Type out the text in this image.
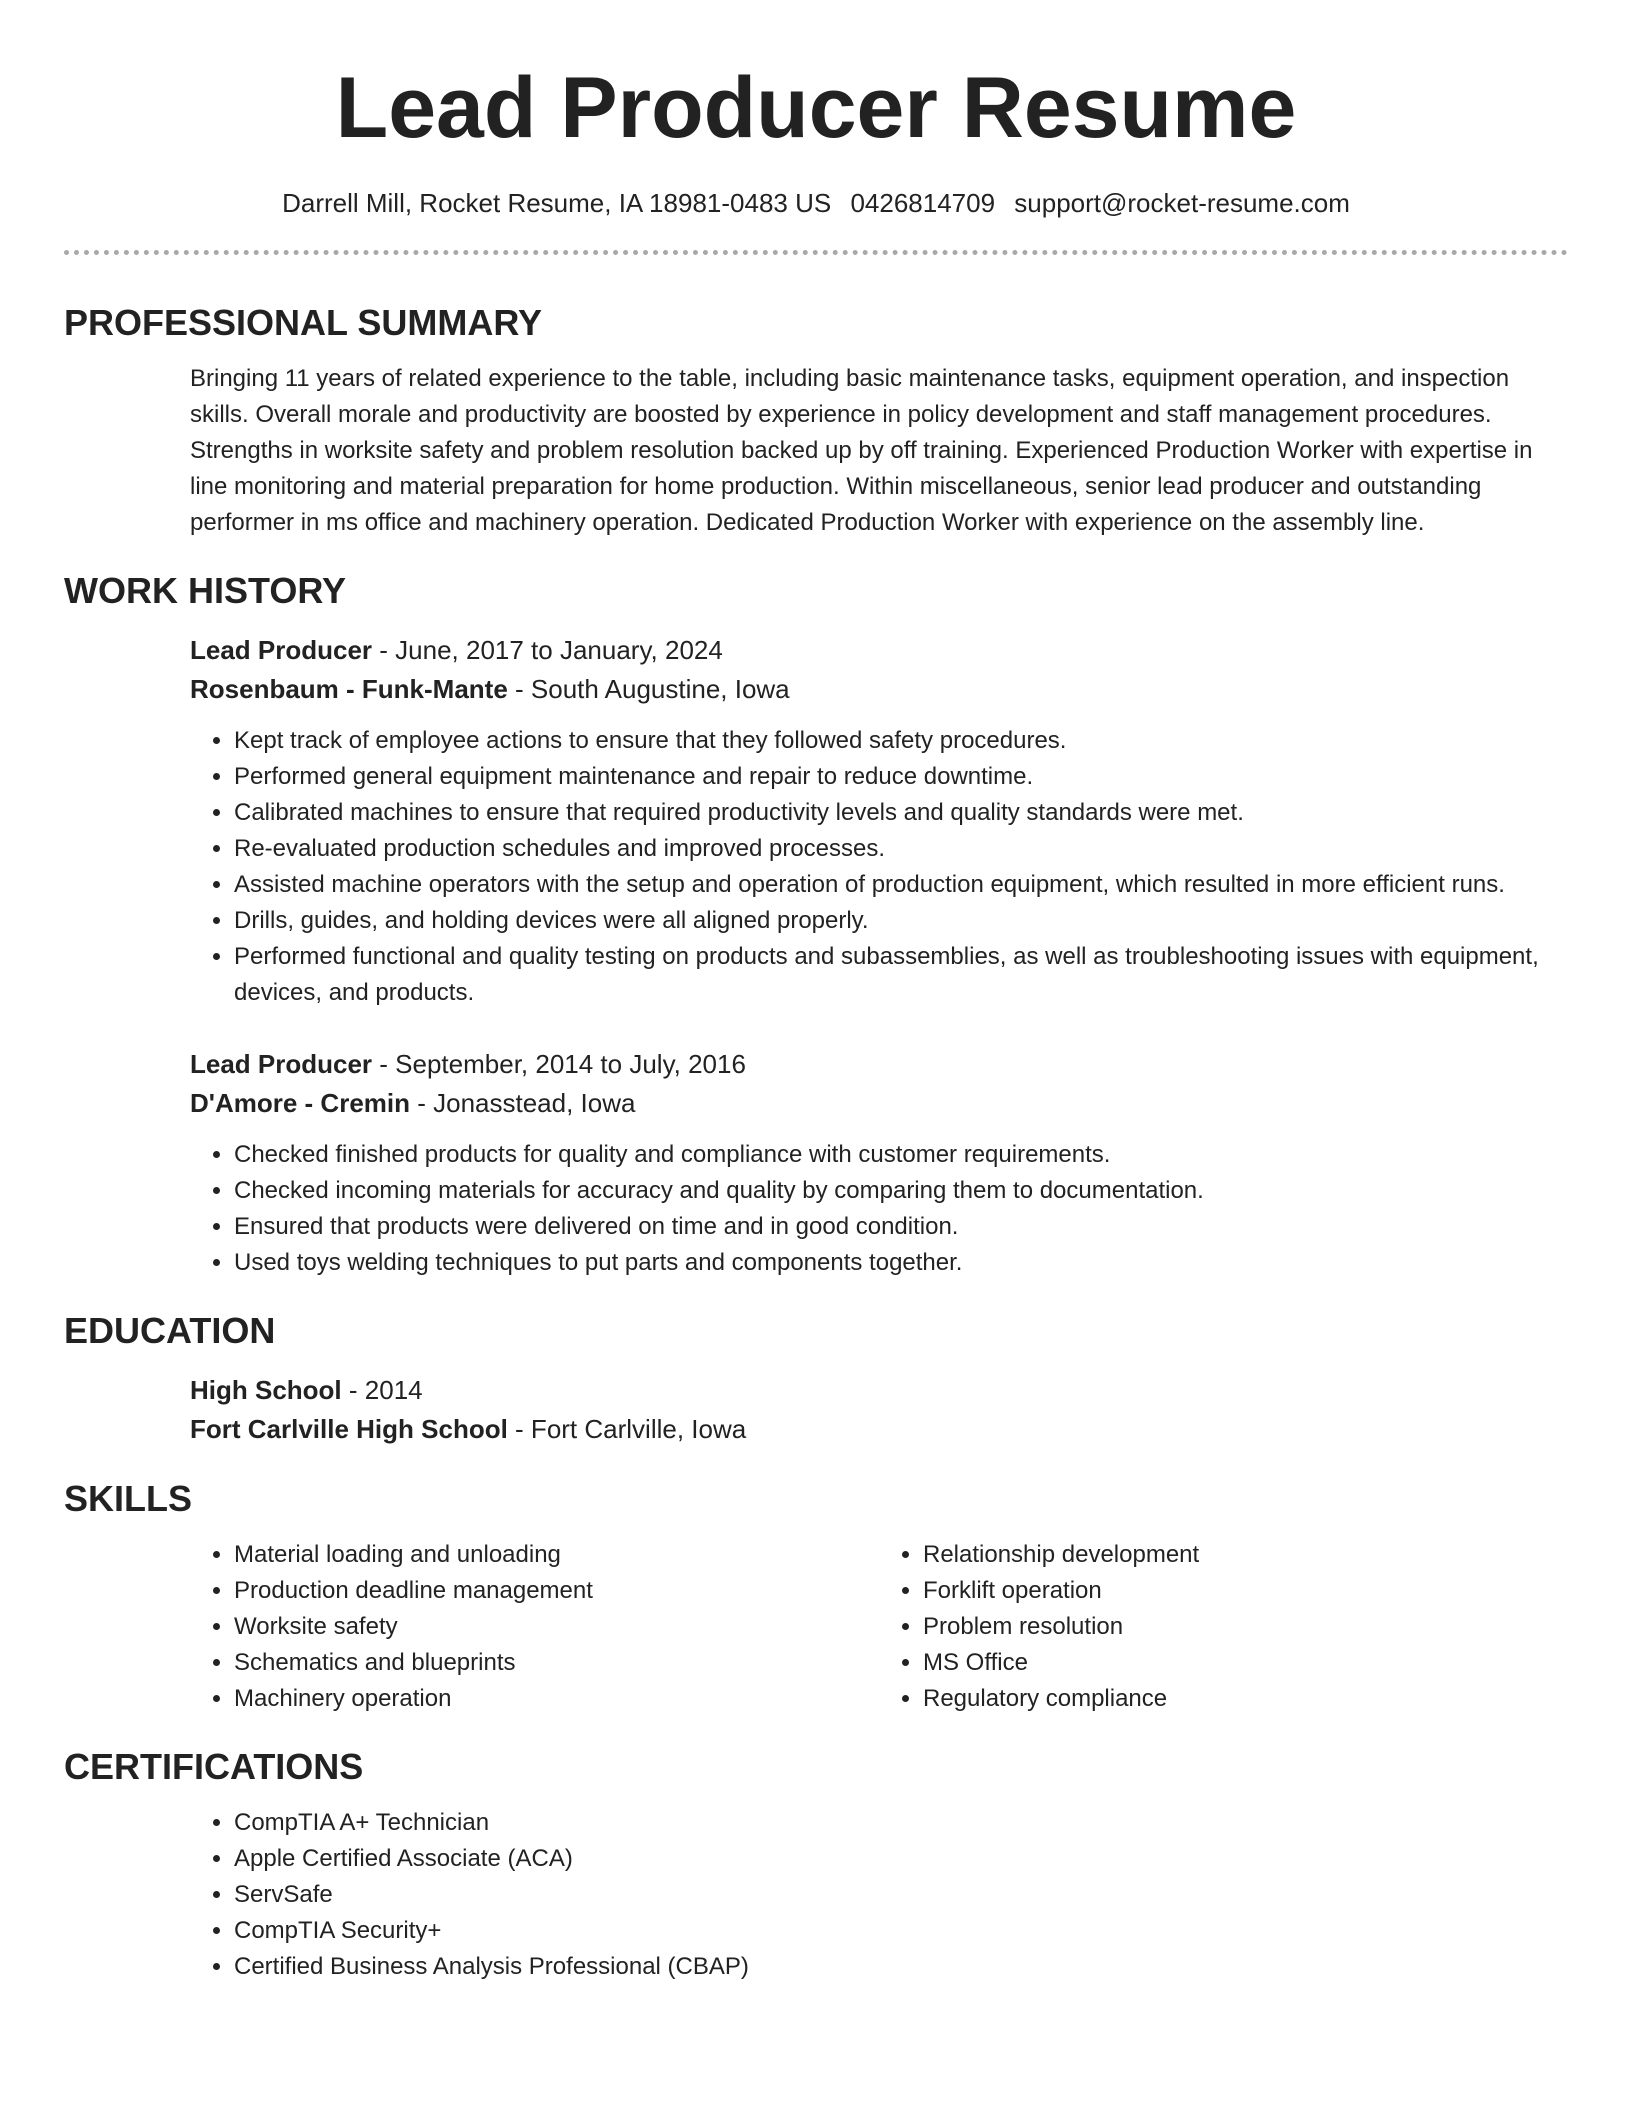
Lead Producer Resume
Darrell Mill, Rocket Resume, IA 18981-0483 US 0426814709 support@rocket-resume.com
PROFESSIONAL SUMMARY

Bringing 11 years of related experience to the table, including basic maintenance tasks, equipment operation, and inspection skills. Overall morale and productivity are boosted by experience in policy development and staff management procedures. Strengths in worksite safety and problem resolution backed up by off training. Experienced Production Worker with expertise in line monitoring and material preparation for home production. Within miscellaneous, senior lead producer and outstanding performer in ms office and machinery operation. Dedicated Production Worker with experience on the assembly line.

WORK HISTORY
Lead Producer - June, 2017 to January, 2024
Rosenbaum - Funk-Mante - South Augustine, Iowa
• Kept track of employee actions to ensure that they followed safety procedures.
• Performed general equipment maintenance and repair to reduce downtime.
• Calibrated machines to ensure that required productivity levels and quality standards were met.
• Re-evaluated production schedules and improved processes.
• Assisted machine operators with the setup and operation of production equipment, which resulted in more efficient runs.
• Drills, guides, and holding devices were all aligned properly.
• Performed functional and quality testing on products and subassemblies, as well as troubleshooting issues with equipment, devices, and products.
Lead Producer - September, 2014 to July, 2016
D'Amore - Cremin - Jonasstead, Iowa
• Checked finished products for quality and compliance with customer requirements.
• Checked incoming materials for accuracy and quality by comparing them to documentation.
• Ensured that products were delivered on time and in good condition.
• Used toys welding techniques to put parts and components together.
EDUCATION
High School - 2014
Fort Carlville High School - Fort Carlville, Iowa
SKILLS
• Material loading and unloading
• Production deadline management
• Worksite safety
• Schematics and blueprints
• Machinery operation
• Relationship development
• Forklift operation
• Problem resolution
• MS Office
• Regulatory compliance
CERTIFICATIONS
• CompTIA A+ Technician
• Apple Certified Associate (ACA)
• ServSafe
• CompTIA Security+
• Certified Business Analysis Professional (CBAP)
